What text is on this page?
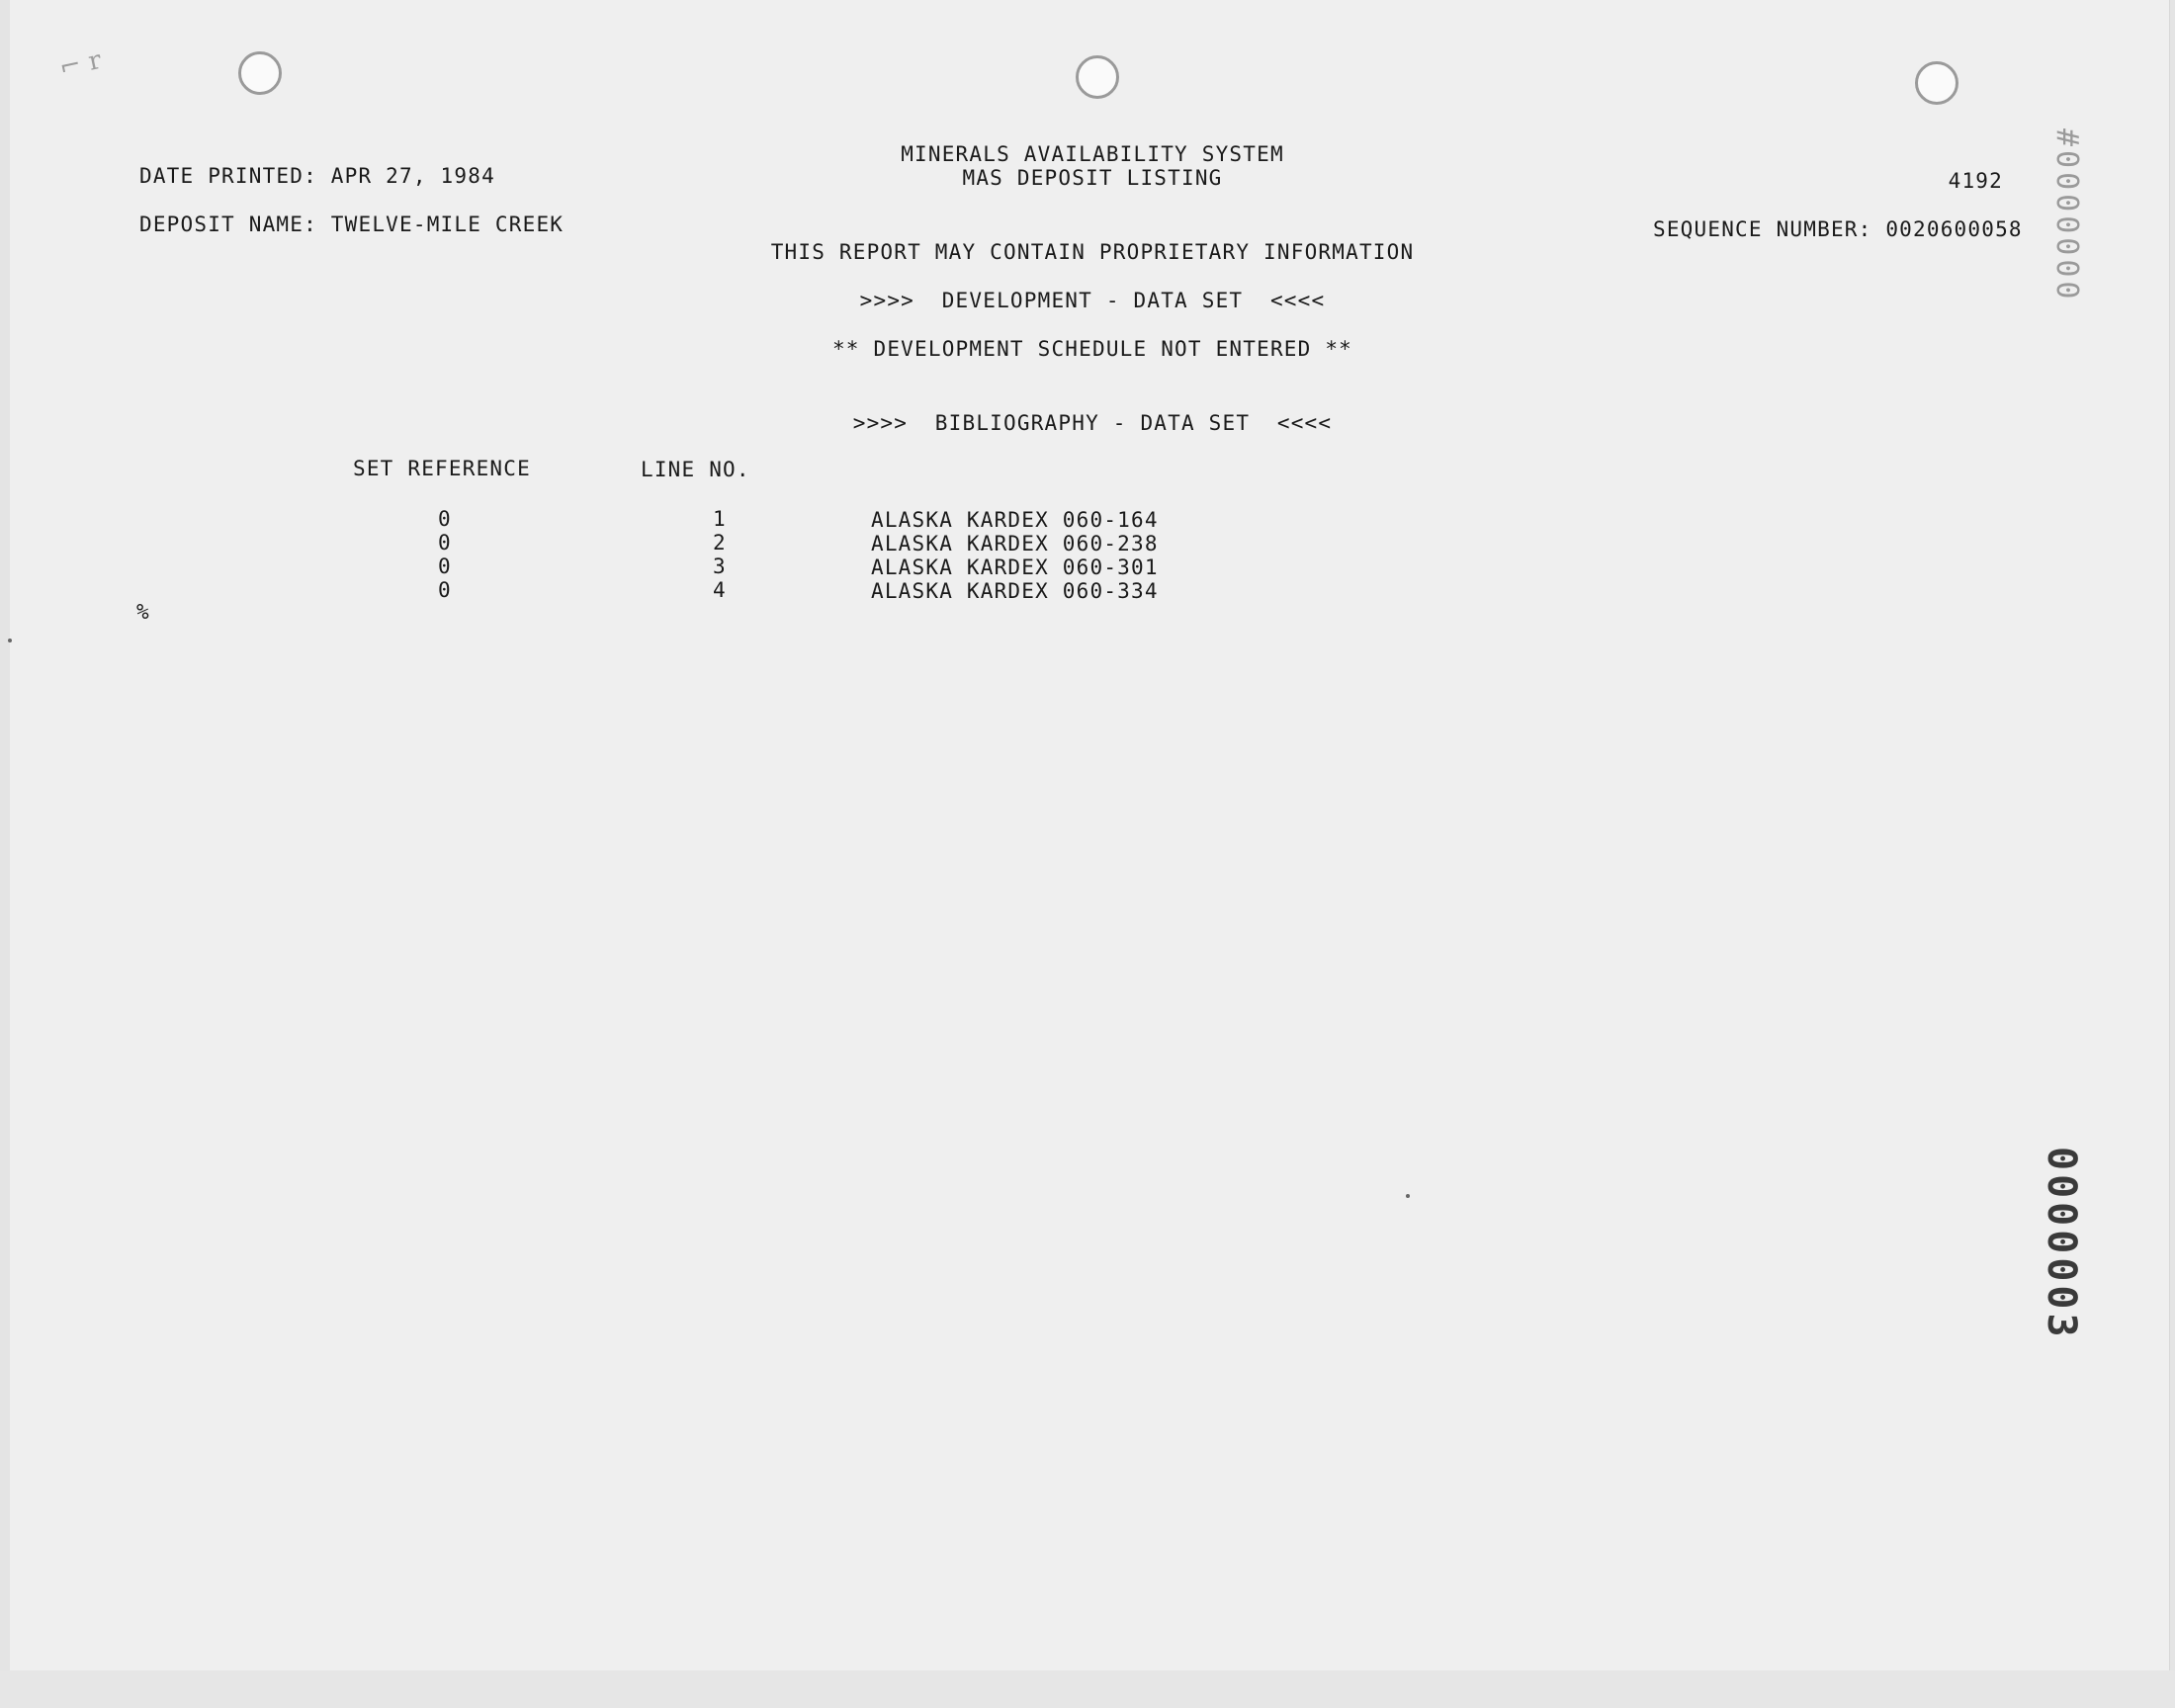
⌐ r
DATE PRINTED: APR 27, 1984
MINERALS AVAILABILITY SYSTEM
MAS DEPOSIT LISTING	4192
DEPOSIT NAME: TWELVE-MILE CREEK	SEQUENCE NUMBER: 0020600058
THIS REPORT MAY CONTAIN PROPRIETARY INFORMATION
>>>>  DEVELOPMENT - DATA SET  <<<<
** DEVELOPMENT SCHEDULE NOT ENTERED **
>>>>  BIBLIOGRAPHY - DATA SET  <<<<
SET REFERENCE	LINE NO.
0	1	ALASKA KARDEX 060-164
0	2	ALASKA KARDEX 060-238
0	3	ALASKA KARDEX 060-301
0	4	ALASKA KARDEX 060-334
%
#0000000
0000003
